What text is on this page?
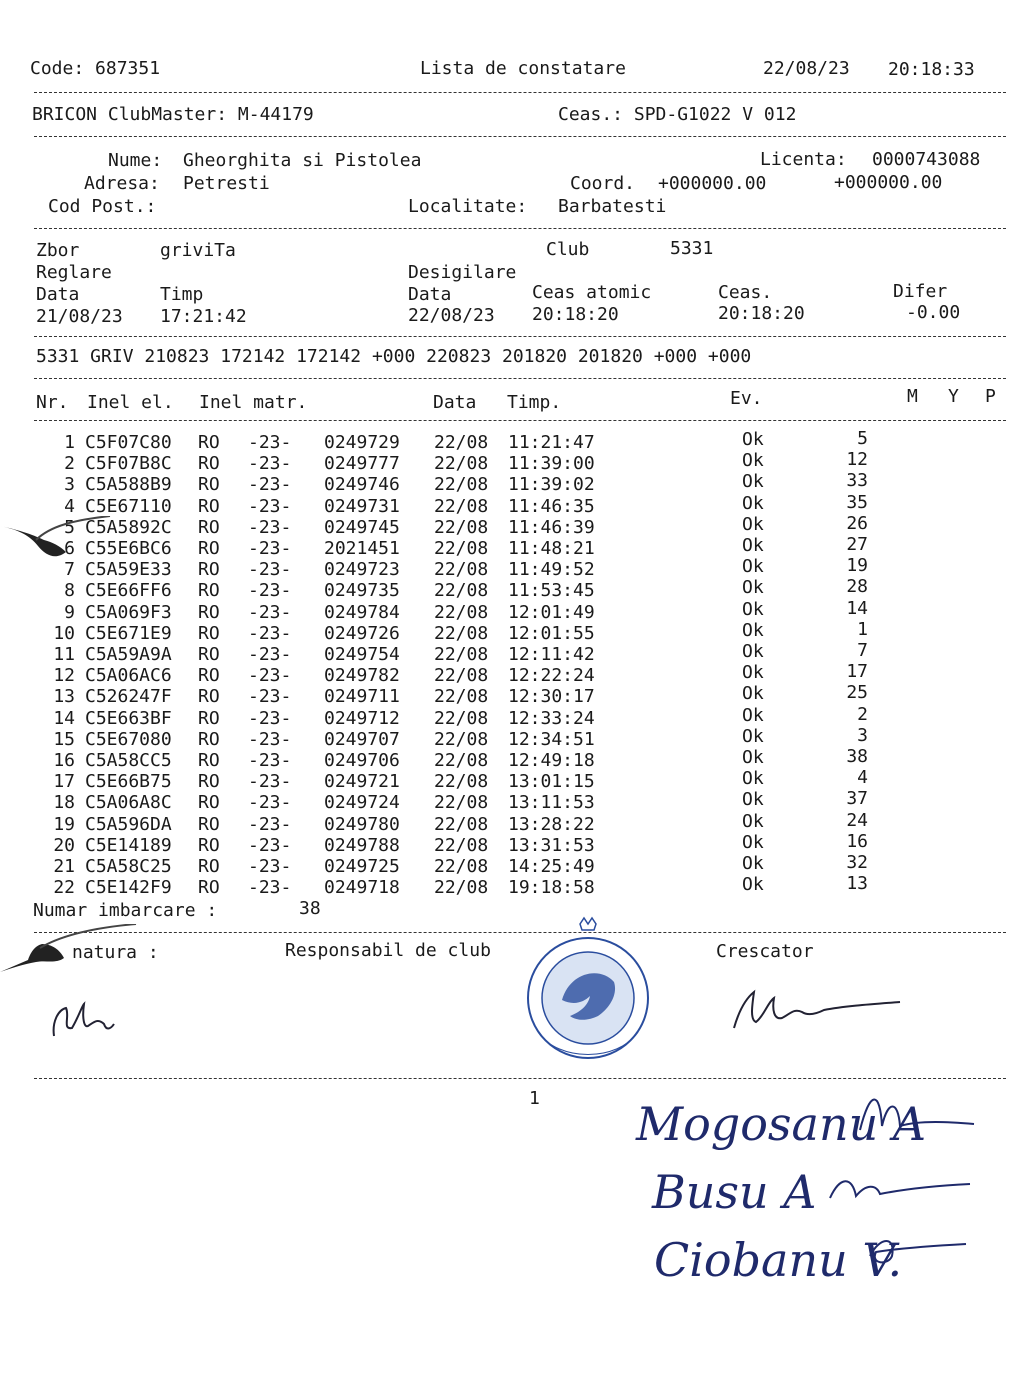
Code: 687351	Lista de constatare	22/08/23 20:18:33
BRICON ClubMaster: M-44179	Ceas.: SPD-G1022 V 012
Nume: Gheorghita si Pistolea	Licenta: 0000743088
Adresa: Petresti	Coord. +000000.00	+000000.00
Cod Post.:	Localitate: Barbatesti
Zbor	griviTa	Club	5331
Reglare	Desigilare
Data	Timp	Data	Ceas atomic	Ceas.	Difer
21/08/23 17:21:42	22/08/23 20:18:20	20:18:20	-0.00
5331 GRIV 210823 172142 172142 +000 220823 201820 201820 +000 +000
Nr. Inel el. Inel matr.	Data Timp.	Ev.	M Y P
1 C5F07C80 RO -23- 0249729 22/08 11:21:47	Ok	5
2 C5F07B8C RO -23- 0249777 22/08 11:39:00	Ok	12
3 C5A588B9 RO -23- 0249746 22/08 11:39:02	Ok	33
4 C5E67110 RO -23- 0249731 22/08 11:46:35	Ok	35
5 C5A5892C RO -23- 0249745 22/08 11:46:39	Ok	26
6 C55E6BC6 RO -23- 2021451 22/08 11:48:21	Ok	27
7 C5A59E33 RO -23- 0249723 22/08 11:49:52	Ok	19
8 C5E66FF6 RO -23- 0249735 22/08 11:53:45	Ok	28
9 C5A069F3 RO -23- 0249784 22/08 12:01:49	Ok	14
10 C5E671E9 RO -23- 0249726 22/08 12:01:55	Ok	1
11 C5A59A9A RO -23- 0249754 22/08 12:11:42	Ok	7
12 C5A06AC6 RO -23- 0249782 22/08 12:22:24	Ok	17
13 C526247F RO -23- 0249711 22/08 12:30:17	Ok	25
14 C5E663BF RO -23- 0249712 22/08 12:33:24	Ok	2
15 C5E67080 RO -23- 0249707 22/08 12:34:51	Ok	3
16 C5A58CC5 RO -23- 0249706 22/08 12:49:18	Ok	38
17 C5E66B75 RO -23- 0249721 22/08 13:01:15	Ok	4
18 C5A06A8C RO -23- 0249724 22/08 13:11:53	Ok	37
19 C5A596DA RO -23- 0249780 22/08 13:28:22	Ok	24
20 C5E14189 RO -23- 0249788 22/08 13:31:53	Ok	16
21 C5A58C25 RO -23- 0249725 22/08 14:25:49	Ok	32
22 C5E142F9 RO -23- 0249718 22/08 19:18:58	Ok	13
Numar imbarcare :	38
natura :	Responsabil de club	Crescator
1 Mogosanu A
Busu A
Ciobanu V.
